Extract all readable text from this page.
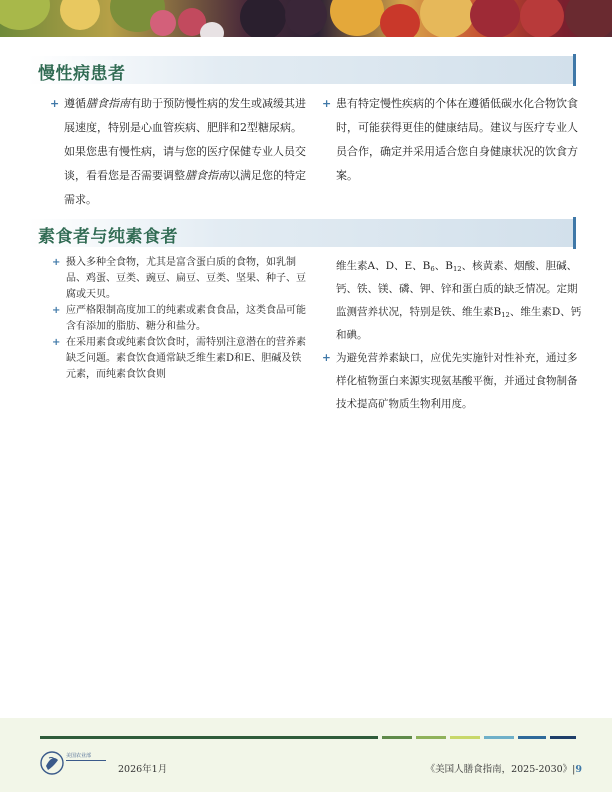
慢性病患者
+ 遵循膳食指南有助于预防慢性病的发生或减缓其进展速度，特别是心血管疾病、肥胖和2型糖尿病。如果您患有慢性病，请与您的医疗保健专业人员交谈，看看您是否需要调整膳食指南以满足您的特定需求。
+ 患有特定慢性疾病的个体在遵循低碳水化合物饮食时，可能获得更佳的健康结局。建议与医疗专业人员合作，确定并采用适合您自身健康状况的饮食方案。
素食者与纯素食者
+ 摄入多种全食物，尤其是富含蛋白质的食物，如乳制品、鸡蛋、豆类、豌豆、扁豆、豆类、坚果、种子、豆腐或天贝。
+ 应严格限制高度加工的纯素或素食食品，这类食品可能含有添加的脂肪、糖分和盐分。
+ 在采用素食或纯素食饮食时，需特别注意潜在的营养素缺乏问题。素食饮食通常缺乏维生素D和E、胆碱及铁元素，而纯素食饮食则
维生素A、D、E、$B_6$、$B_{12}$、核黄素、烟酸、胆碱、钙、铁、镁、磷、钾、锌和蛋白质的缺乏情况。定期监测营养状况，特别是铁、维生素$B_{12}$、维生素D、钙和碘。
+ 为避免营养素缺口，应优先实施针对性补充，通过多样化植物蛋白来源实现氨基酸平衡，并通过食物制备技术提高矿物质生物利用度。
美国农业部
2026年1月	《美国人膳食指南，2025-2030》|9
